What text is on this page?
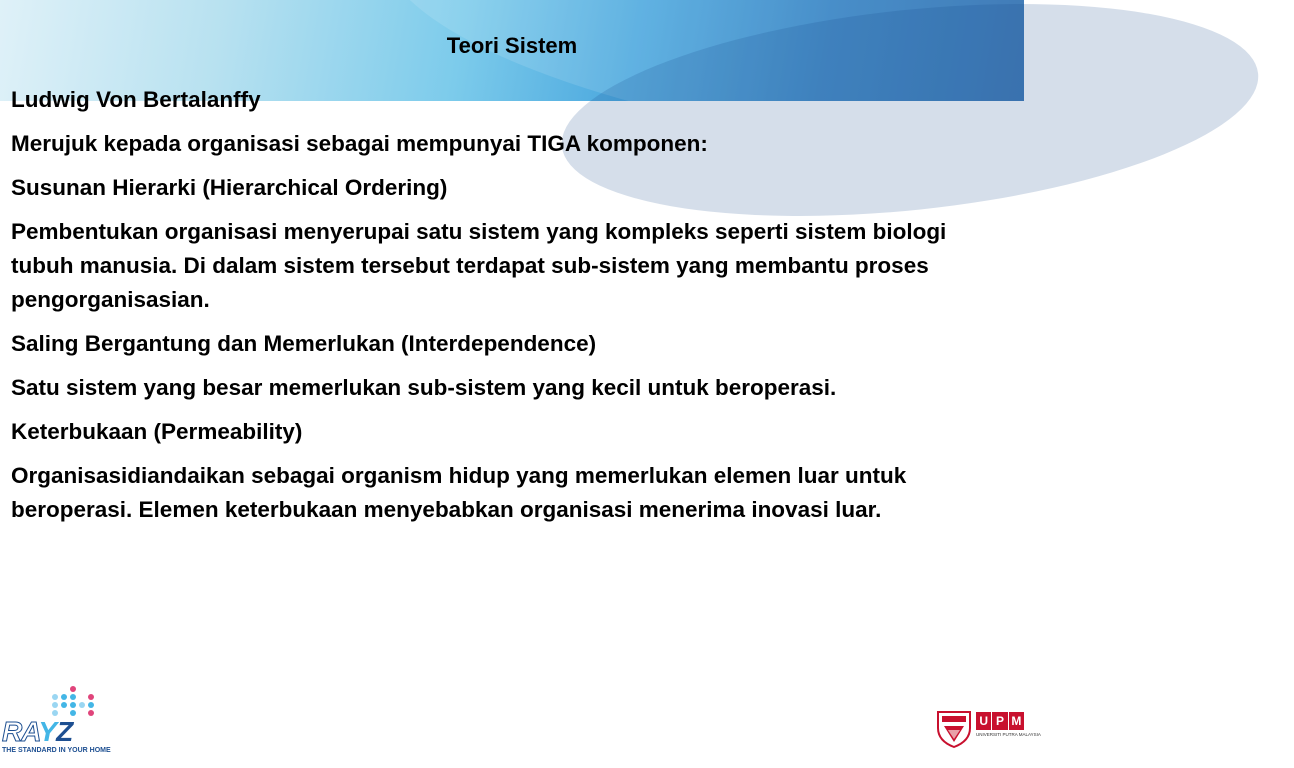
Teori Sistem

Ludwig Von Bertalanffy

Merujuk kepada organisasi sebagai mempunyai TIGA komponen:

Susunan Hierarki (Hierarchical Ordering)

Pembentukan organisasi menyerupai satu sistem yang kompleks seperti sistem biologi tubuh manusia. Di dalam sistem tersebut terdapat sub-sistem yang membantu proses pengorganisasian.

Saling Bergantung dan Memerlukan (Interdependence)

Satu sistem yang besar memerlukan sub-sistem yang kecil untuk beroperasi.

Keterbukaan (Permeability)

Organisasidiandaikan sebagai organism hidup yang memerlukan elemen luar untuk beroperasi. Elemen keterbukaan menyebabkan organisasi menerima inovasi luar.

RAYZ
THE STANDARD IN YOUR HOME
U P M
UNIVERSITI PUTRA MALAYSIA
